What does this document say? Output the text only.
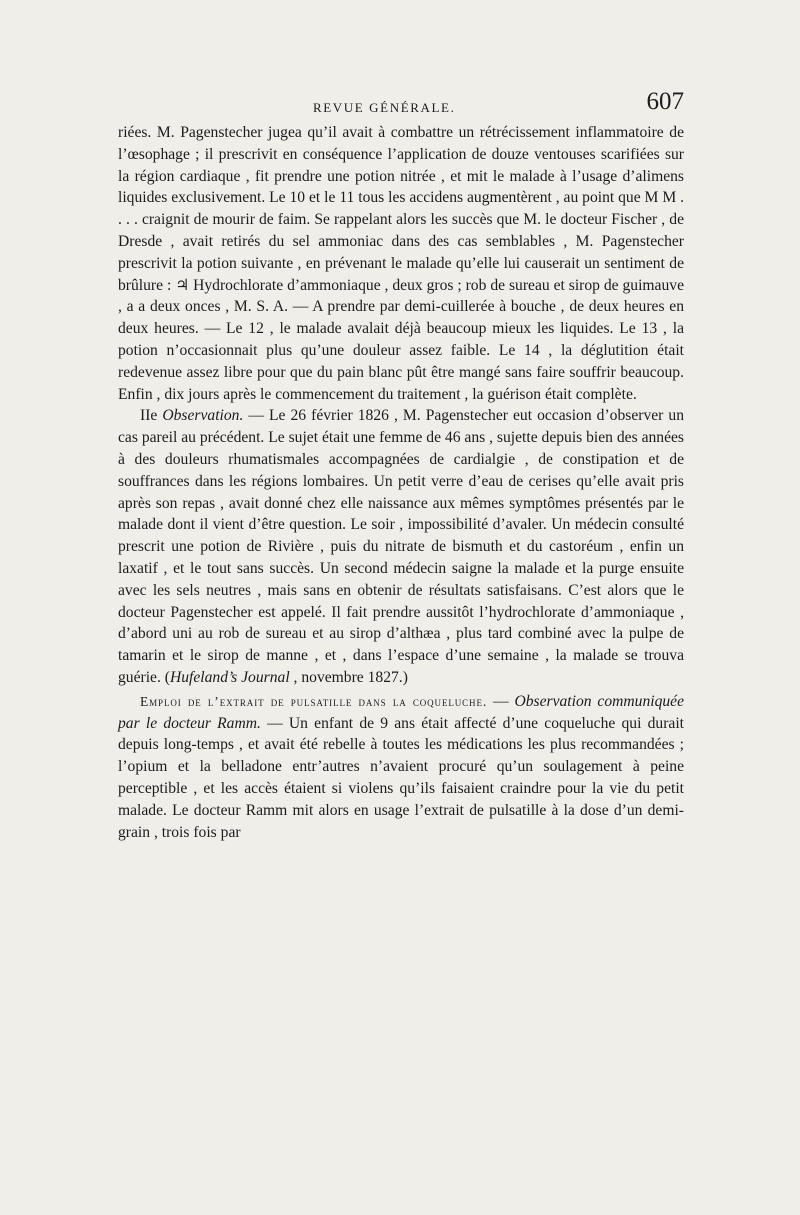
REVUE GÉNÉRALE.	607

riées. M. Pagenstecher jugea qu’il avait à combattre un rétrécissement inflammatoire de l’œsophage ; il prescrivit en conséquence l’application de douze ventouses scarifiées sur la région cardiaque , fit prendre une potion nitrée , et mit le malade à l’usage d’alimens liquides exclusivement. Le 10 et le 11 tous les accidens augmentèrent , au point que M M . . . . craignit de mourir de faim. Se rappelant alors les succès que M. le docteur Fischer , de Dresde , avait retirés du sel ammoniac dans des cas semblables , M. Pagenstecher prescrivit la potion suivante , en prévenant le malade qu’elle lui causerait un sentiment de brûlure : ♃ Hydrochlorate d’ammoniaque , deux gros ; rob de sureau et sirop de guimauve , a a deux onces , M. S. A. — A prendre par demi-cuillerée à bouche , de deux heures en deux heures. — Le 12 , le malade avalait déjà beaucoup mieux les liquides. Le 13 , la potion n’occasionnait plus qu’une douleur assez faible. Le 14 , la déglutition était redevenue assez libre pour que du pain blanc pût être mangé sans faire souffrir beaucoup. Enfin , dix jours après le commencement du traitement , la guérison était complète.

IIe Observation. — Le 26 février 1826 , M. Pagenstecher eut occasion d’observer un cas pareil au précédent. Le sujet était une femme de 46 ans , sujette depuis bien des années à des douleurs rhumatismales accompagnées de cardialgie , de constipation et de souffrances dans les régions lombaires. Un petit verre d’eau de cerises qu’elle avait pris après son repas , avait donné chez elle naissance aux mêmes symptômes présentés par le malade dont il vient d’être question. Le soir , impossibilité d’avaler. Un médecin consulté prescrit une potion de Rivière , puis du nitrate de bismuth et du castoréum , enfin un laxatif , et le tout sans succès. Un second médecin saigne la malade et la purge ensuite avec les sels neutres , mais sans en obtenir de résultats satisfaisans. C’est alors que le docteur Pagenstecher est appelé. Il fait prendre aussitôt l’hydrochlorate d’ammoniaque , d’abord uni au rob de sureau et au sirop d’althæa , plus tard combiné avec la pulpe de tamarin et le sirop de manne , et , dans l’espace d’une semaine , la malade se trouva guérie. (Hufeland’s Journal , novembre 1827.)

Emploi de l’extrait de pulsatille dans la coqueluche. — Observation communiquée par le docteur Ramm. — Un enfant de 9 ans était affecté d’une coqueluche qui durait depuis long-temps , et avait été rebelle à toutes les médications les plus recommandées ; l’opium et la belladone entr’autres n’avaient procuré qu’un soulagement à peine perceptible , et les accès étaient si violens qu’ils faisaient craindre pour la vie du petit malade. Le docteur Ramm mit alors en usage l’extrait de pulsatille à la dose d’un demi-grain , trois fois par
